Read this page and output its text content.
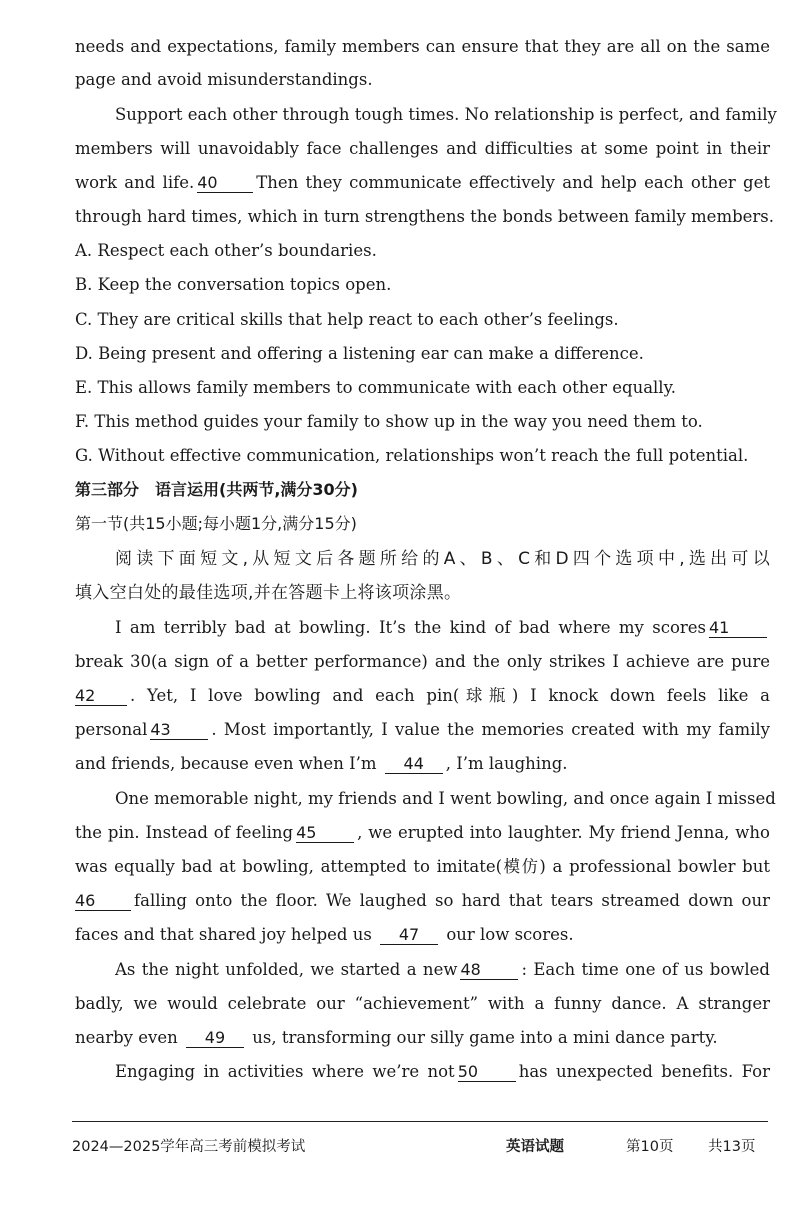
needs and expectations, family members can ensure that they are all on the same
page and avoid misunderstandings.
Support each other through tough times. No relationship is perfect, and family
members will unavoidably face challenges and difficulties at some point in their
work and life. 40 Then they communicate effectively and help each other get
through hard times, which in turn strengthens the bonds between family members.
A. Respect each other’s boundaries.
B. Keep the conversation topics open.
C. They are critical skills that help react to each other’s feelings.
D. Being present and offering a listening ear can make a difference.
E. This allows family members to communicate with each other equally.
F. This method guides your family to show up in the way you need them to.
G. Without effective communication, relationships won’t reach the full potential.
第三部分　语言运用(共两节,满分30分)
第一节(共15小题;每小题1分,满分15分)
阅读下面短文,从短文后各题所给的A、B、C和D四个选项中,选出可以
填入空白处的最佳选项,并在答题卡上将该项涂黑。
I am terribly bad at bowling. It’s the kind of bad where my scores 41
break 30(a sign of a better performance) and the only strikes I achieve are pure
42 . Yet, I love bowling and each pin(球瓶) I knock down feels like a
personal 43 . Most importantly, I value the memories created with my family
and friends, because even when I’m 44 , I’m laughing.
One memorable night, my friends and I went bowling, and once again I missed
the pin. Instead of feeling 45 , we erupted into laughter. My friend Jenna, who
was equally bad at bowling, attempted to imitate(模仿) a professional bowler but
46 falling onto the floor. We laughed so hard that tears streamed down our
faces and that shared joy helped us 47 our low scores.
As the night unfolded, we started a new 48 : Each time one of us bowled
badly, we would celebrate our “achievement” with a funny dance. A stranger
nearby even 49 us, transforming our silly game into a mini dance party.
Engaging in activities where we’re not 50 has unexpected benefits. For
2024—2025学年高三考前模拟考试	英语试题	第10页 共13页
